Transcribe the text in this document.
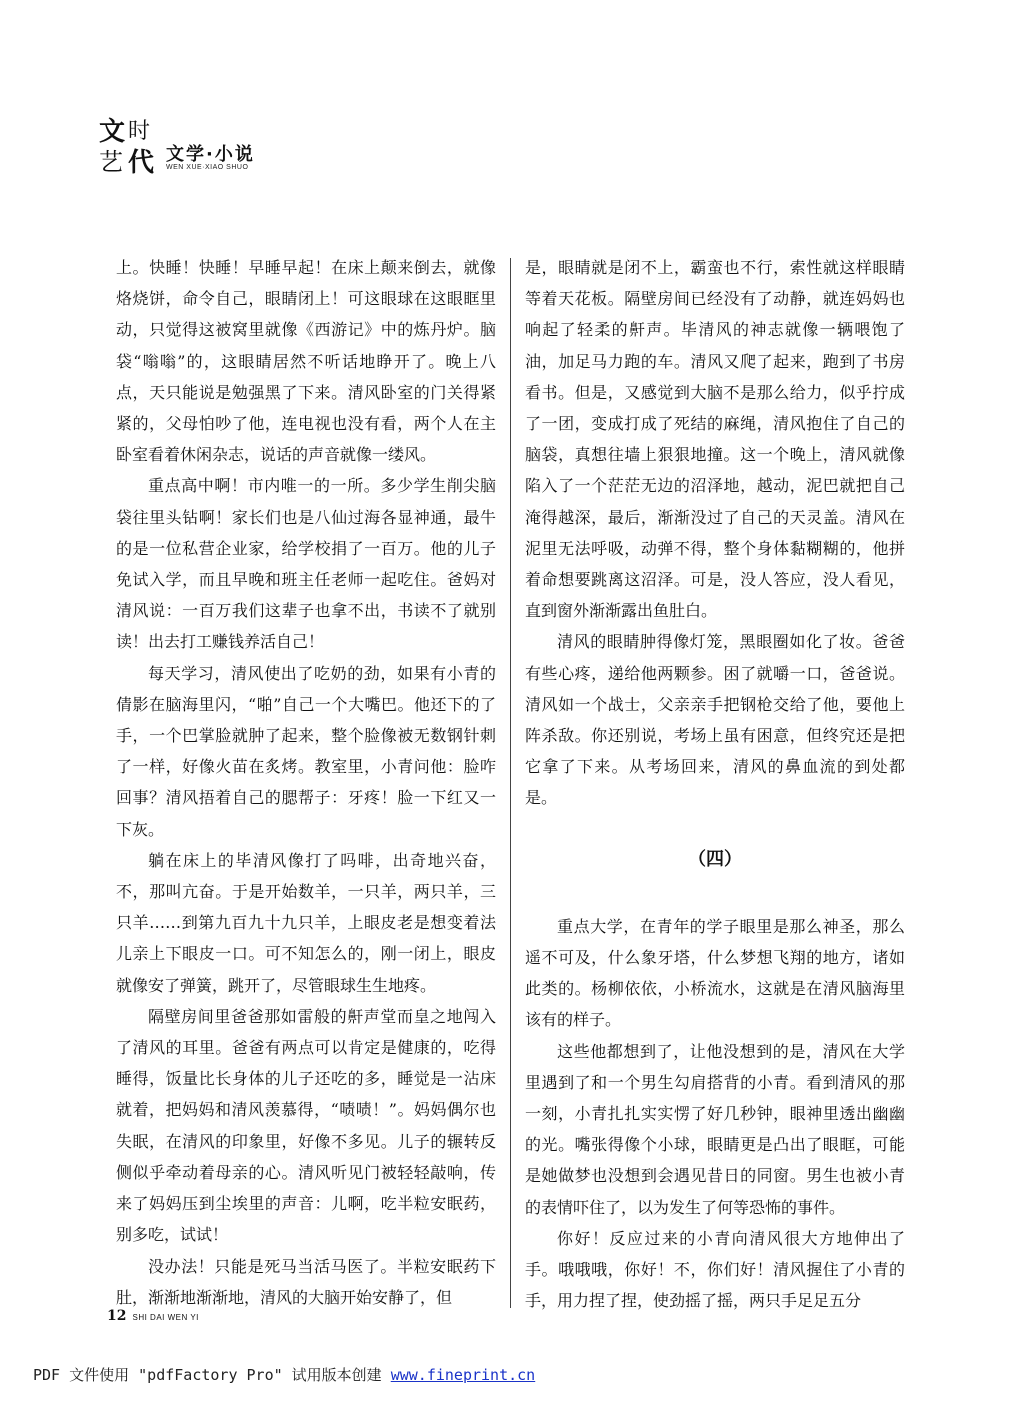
文 时
艺 代 文学·小说
WEN XUE·XIAO SHUO

上。快睡！快睡！早睡早起！在床上颠来倒去，就像烙烧饼，命令自己，眼睛闭上！可这眼球在这眼眶里动，只觉得这被窝里就像《西游记》中的炼丹炉。脑袋“嗡嗡”的，这眼睛居然不听话地睁开了。晚上八点，天只能说是勉强黑了下来。清风卧室的门关得紧紧的，父母怕吵了他，连电视也没有看，两个人在主卧室看着休闲杂志，说话的声音就像一缕风。

重点高中啊！市内唯一的一所。多少学生削尖脑袋往里头钻啊！家长们也是八仙过海各显神通，最牛的是一位私营企业家，给学校捐了一百万。他的儿子免试入学，而且早晚和班主任老师一起吃住。爸妈对清风说：一百万我们这辈子也拿不出，书读不了就别读！出去打工赚钱养活自己！

每天学习，清风使出了吃奶的劲，如果有小青的倩影在脑海里闪，“啪”自己一个大嘴巴。他还下的了手，一个巴掌脸就肿了起来，整个脸像被无数钢针刺了一样，好像火苗在炙烤。教室里，小青问他：脸咋回事？清风捂着自己的腮帮子：牙疼！脸一下红又一下灰。

躺在床上的毕清风像打了吗啡，出奇地兴奋，不，那叫亢奋。于是开始数羊，一只羊，两只羊，三只羊……到第九百九十九只羊，上眼皮老是想变着法儿亲上下眼皮一口。可不知怎么的，刚一闭上，眼皮就像安了弹簧，跳开了，尽管眼球生生地疼。

隔壁房间里爸爸那如雷般的鼾声堂而皇之地闯入了清风的耳里。爸爸有两点可以肯定是健康的，吃得睡得，饭量比长身体的儿子还吃的多，睡觉是一沾床就着，把妈妈和清风羡慕得，“啧啧！”。妈妈偶尔也失眠，在清风的印象里，好像不多见。儿子的辗转反侧似乎牵动着母亲的心。清风听见门被轻轻敲响，传来了妈妈压到尘埃里的声音：儿啊，吃半粒安眠药，别多吃，试试！

没办法！只能是死马当活马医了。半粒安眠药下肚，渐渐地渐渐地，清风的大脑开始安静了，但

是，眼睛就是闭不上，霸蛮也不行，索性就这样眼睛等着天花板。隔壁房间已经没有了动静，就连妈妈也响起了轻柔的鼾声。毕清风的神志就像一辆喂饱了油，加足马力跑的车。清风又爬了起来，跑到了书房看书。但是，又感觉到大脑不是那么给力，似乎拧成了一团，变成打成了死结的麻绳，清风抱住了自己的脑袋，真想往墙上狠狠地撞。这一个晚上，清风就像陷入了一个茫茫无边的沼泽地，越动，泥巴就把自己淹得越深，最后，渐渐没过了自己的天灵盖。清风在泥里无法呼吸，动弹不得，整个身体黏糊糊的，他拼着命想要跳离这沼泽。可是，没人答应，没人看见，直到窗外渐渐露出鱼肚白。

清风的眼睛肿得像灯笼，黑眼圈如化了妆。爸爸有些心疼，递给他两颗参。困了就嚼一口，爸爸说。清风如一个战士，父亲亲手把钢枪交给了他，要他上阵杀敌。你还别说，考场上虽有困意，但终究还是把它拿了下来。从考场回来，清风的鼻血流的到处都是。

（四）

重点大学，在青年的学子眼里是那么神圣，那么遥不可及，什么象牙塔，什么梦想飞翔的地方，诸如此类的。杨柳依依，小桥流水，这就是在清风脑海里该有的样子。

这些他都想到了，让他没想到的是，清风在大学里遇到了和一个男生勾肩搭背的小青。看到清风的那一刻，小青扎扎实实愣了好几秒钟，眼神里透出幽幽的光。嘴张得像个小球，眼睛更是凸出了眼眶，可能是她做梦也没想到会遇见昔日的同窗。男生也被小青的表情吓住了，以为发生了何等恐怖的事件。

你好！反应过来的小青向清风很大方地伸出了手。哦哦哦，你好！不，你们好！清风握住了小青的手，用力捏了捏，使劲摇了摇，两只手足足五分

12 SHI DAI WEN YI
PDF 文件使用 "pdfFactory Pro" 试用版本创建 www.fineprint.cn
